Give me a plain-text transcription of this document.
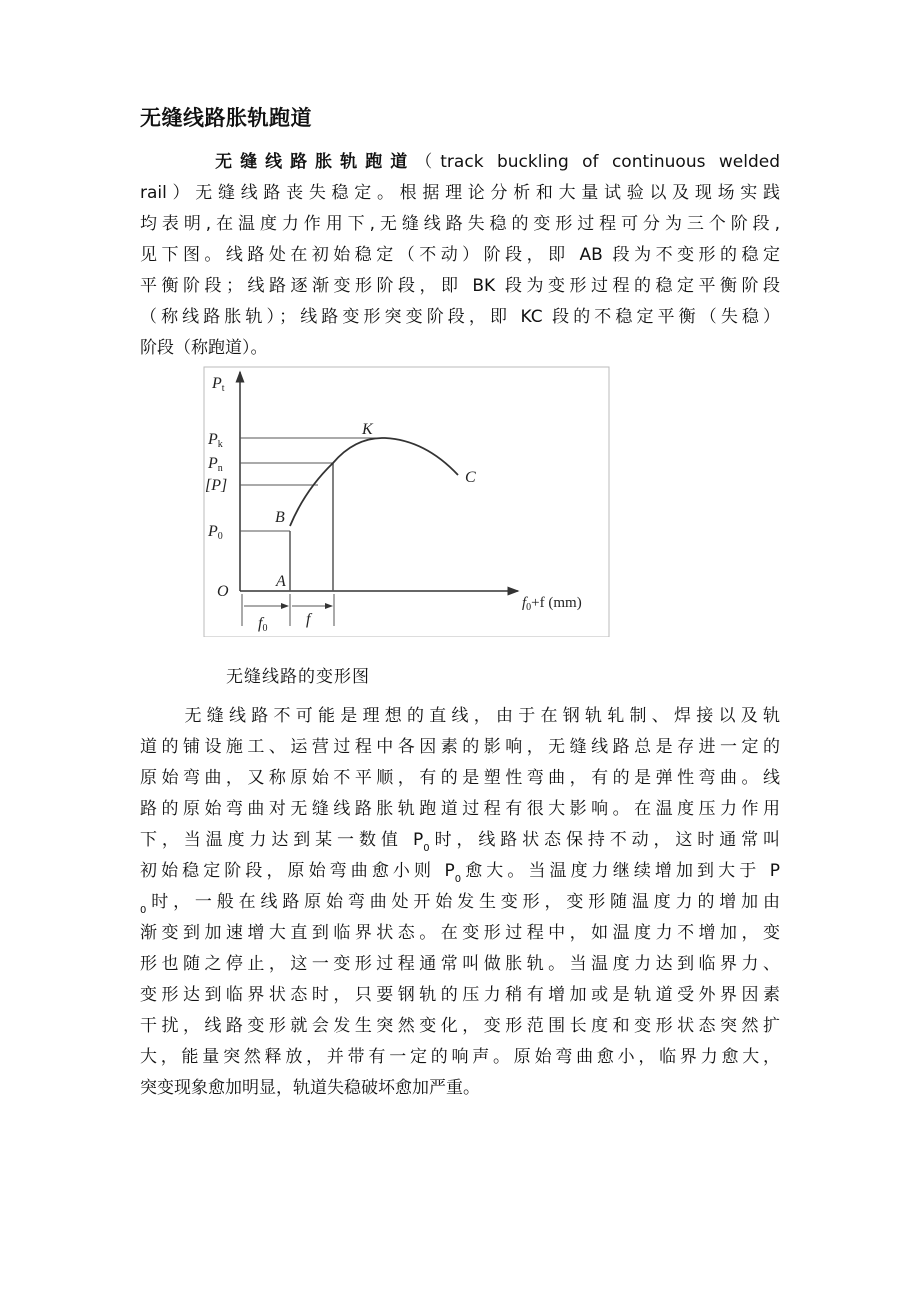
无缝线路胀轨跑道
　　　无缝线路胀轨跑道（track buckling of continuous welded
rail）无缝线路丧失稳定。根据理论分析和大量试验以及现场实践
均表明,在温度力作用下,无缝线路失稳的变形过程可分为三个阶段,
见下图。线路处在初始稳定（不动）阶段，即 AB 段为不变形的稳定
平衡阶段；线路逐渐变形阶段，即 BK 段为变形过程的稳定平衡阶段
（称线路胀轨）；线路变形突变阶段，即 KC 段的不稳定平衡（失稳）
阶段（称跑道）。
Pt
Pk
Pn
[P]
P0
O
A
B
K
C
f0
f
$f_0+f$ (mm)
无缝线路的变形图
　　无缝线路不可能是理想的直线，由于在钢轨轧制、焊接以及轨
道的铺设施工、运营过程中各因素的影响，无缝线路总是存进一定的
原始弯曲，又称原始不平顺，有的是塑性弯曲，有的是弹性弯曲。线
路的原始弯曲对无缝线路胀轨跑道过程有很大影响。在温度压力作用
下，当温度力达到某一数值 $P_0$时，线路状态保持不动，这时通常叫
初始稳定阶段，原始弯曲愈小则 $P_0$愈大。当温度力继续增加到大于 P
$_0$时，一般在线路原始弯曲处开始发生变形，变形随温度力的增加由
渐变到加速增大直到临界状态。在变形过程中，如温度力不增加，变
形也随之停止，这一变形过程通常叫做胀轨。当温度力达到临界力、
变形达到临界状态时，只要钢轨的压力稍有增加或是轨道受外界因素
干扰，线路变形就会发生突然变化，变形范围长度和变形状态突然扩
大，能量突然释放，并带有一定的响声。原始弯曲愈小，临界力愈大，
突变现象愈加明显，轨道失稳破坏愈加严重。
